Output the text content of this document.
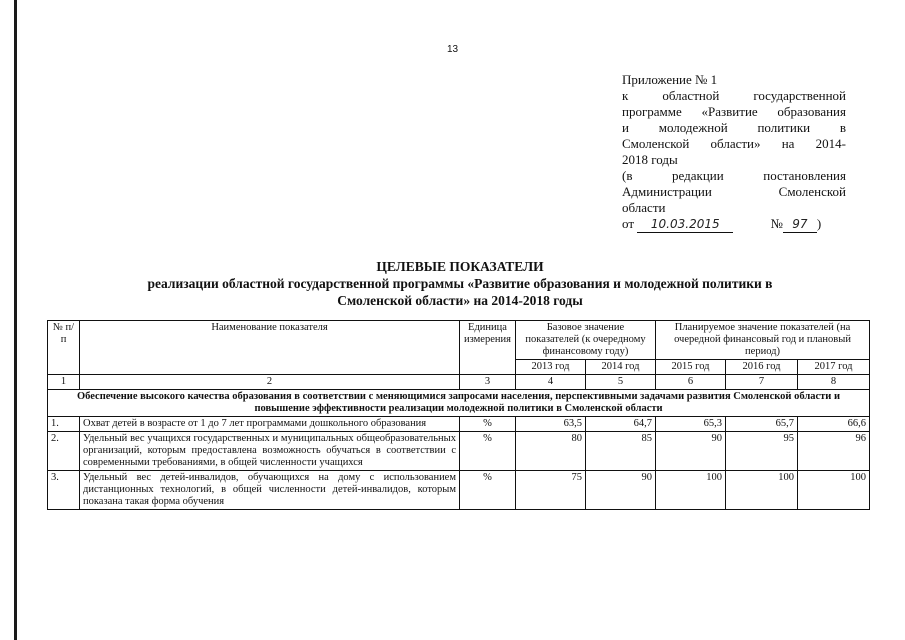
13
Приложение № 1
к областной государственной
программе «Развитие образования
и молодежной политики в
Смоленской области» на 2014-
2018 годы
(в редакции постановления
Администрации Смоленской
области
от 10.03.2015	№ 97 )
ЦЕЛЕВЫЕ ПОКАЗАТЕЛИ
реализации областной государственной программы «Развитие образования и молодежной политики в
Смоленской области» на 2014-2018 годы
№ п/п	Наименование показателя	Единица измерения	Базовое значение показателей (к очередному финансовому году)		Планируемое значение показателей (на очередной финансовый год и плановый период)		
			2013 год	2014 год	2015 год	2016 год	2017 год
1	2	3	4	5	6	7	8
Обеспечение высокого качества образования в соответствии с меняющимися запросами населения, перспективными задачами развития Смоленской области и повышение эффективности реализации молодежной политики в Смоленской области							
1.	Охват детей в возрасте от 1 до 7 лет программами дошкольного образования	%	63,5	64,7	65,3	65,7	66,6
2.	Удельный вес учащихся государственных и муниципальных общеобразовательных организаций, которым предоставлена возможность обучаться в соответствии с современными требованиями, в общей численности учащихся	%	80	85	90	95	96
3.	Удельный вес детей-инвалидов, обучающихся на дому с использованием дистанционных технологий, в общей численности детей-инвалидов, которым показана такая форма обучения	%	75	90	100	100	100
